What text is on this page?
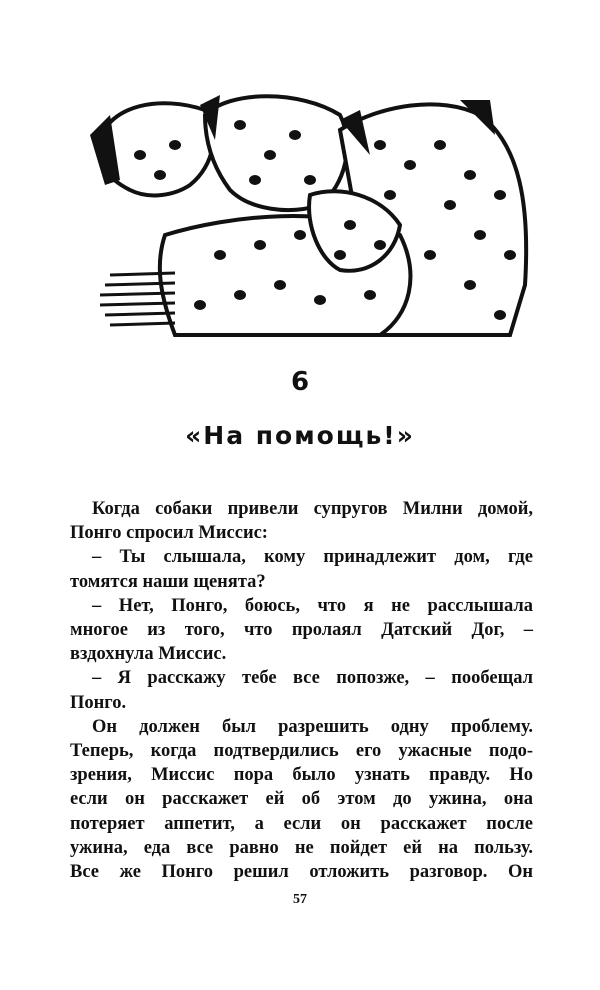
6
«На помощь!»
Когда собаки привели супругов Милни домой,
Понго спросил Миссис:
– Ты слышала, кому принадлежит дом, где
томятся наши щенята?
– Нет, Понго, боюсь, что я не расслышала
многое из того, что пролаял Датский Дог, –
вздохнула Миссис.
– Я расскажу тебе все попозже, – пообещал
Понго.
Он должен был разрешить одну проблему.
Теперь, когда подтвердились его ужасные подо-
зрения, Миссис пора было узнать правду. Но
если он расскажет ей об этом до ужина, она
потеряет аппетит, а если он расскажет после
ужина, еда все равно не пойдет ей на пользу.
Все же Понго решил отложить разговор. Он
57
